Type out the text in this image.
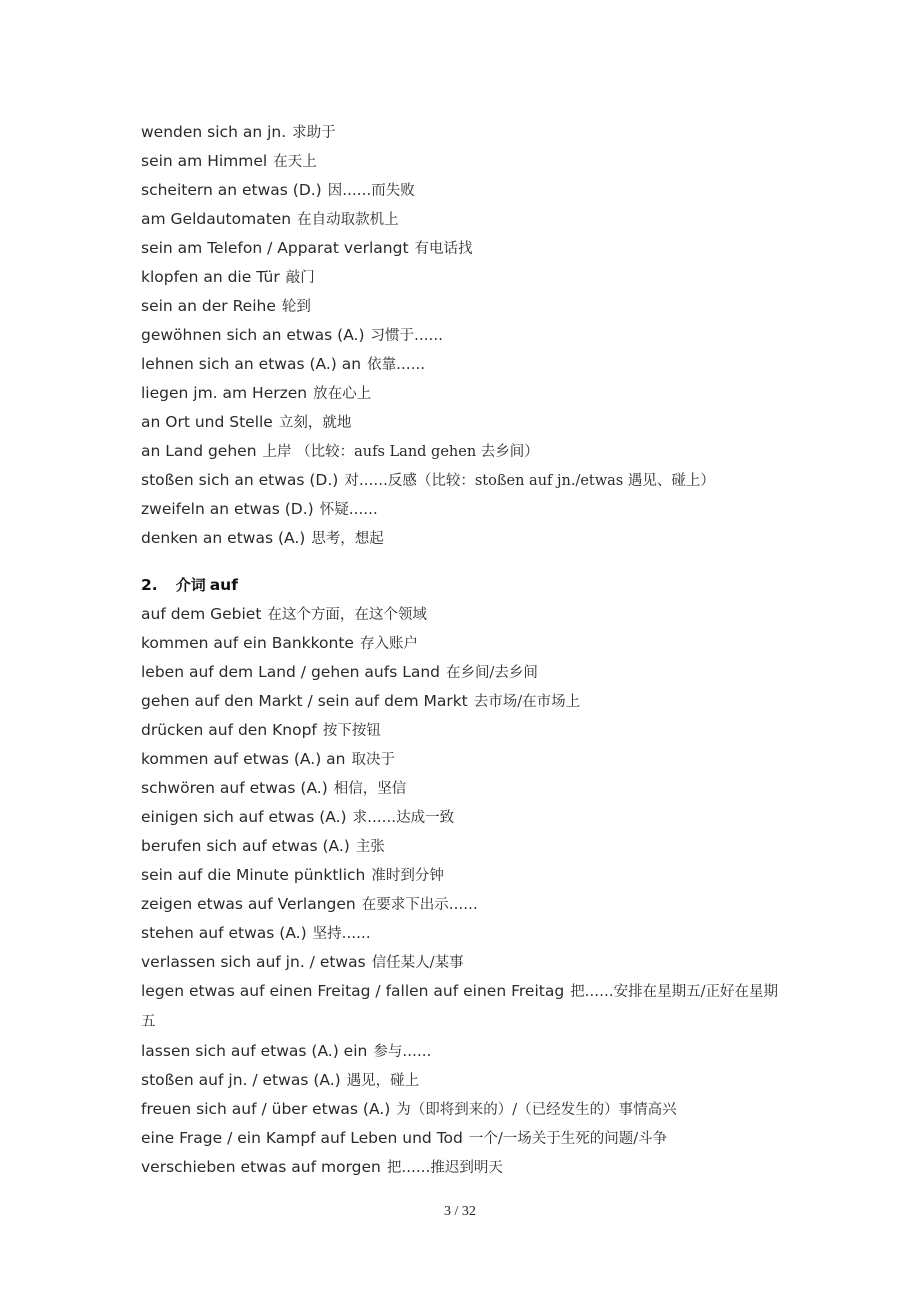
wenden sich an jn. 求助于
sein am Himmel 在天上
scheitern an etwas (D.) 因……而失败
am Geldautomaten 在自动取款机上
sein am Telefon / Apparat verlangt 有电话找
klopfen an die Tür 敲门
sein an der Reihe 轮到
gewöhnen sich an etwas (A.) 习惯于……
lehnen sich an etwas (A.) an 依靠……
liegen jm. am Herzen 放在心上
an Ort und Stelle 立刻，就地
an Land gehen 上岸 （比较：aufs Land gehen 去乡间）
stoßen sich an etwas (D.) 对……反感（比较：stoßen auf jn./etwas 遇见、碰上）
zweifeln an etwas (D.) 怀疑……
denken an etwas (A.) 思考，想起
2. 介词 auf
auf dem Gebiet 在这个方面，在这个领域
kommen auf ein Bankkonte 存入账户
leben auf dem Land / gehen aufs Land 在乡间/去乡间
gehen auf den Markt / sein auf dem Markt 去市场/在市场上
drücken auf den Knopf 按下按钮
kommen auf etwas (A.) an 取决于
schwören auf etwas (A.) 相信，坚信
einigen sich auf etwas (A.) 求……达成一致
berufen sich auf etwas (A.) 主张
sein auf die Minute pünktlich 准时到分钟
zeigen etwas auf Verlangen 在要求下出示……
stehen auf etwas (A.) 坚持……
verlassen sich auf jn. / etwas 信任某人/某事
legen etwas auf einen Freitag / fallen auf einen Freitag 把……安排在星期五/正好在星期五
lassen sich auf etwas (A.) ein 参与……
stoßen auf jn. / etwas (A.) 遇见，碰上
freuen sich auf / über etwas (A.) 为（即将到来的）/（已经发生的）事情高兴
eine Frage / ein Kampf auf Leben und Tod 一个/一场关于生死的问题/斗争
verschieben etwas auf morgen 把……推迟到明天
3 / 32
